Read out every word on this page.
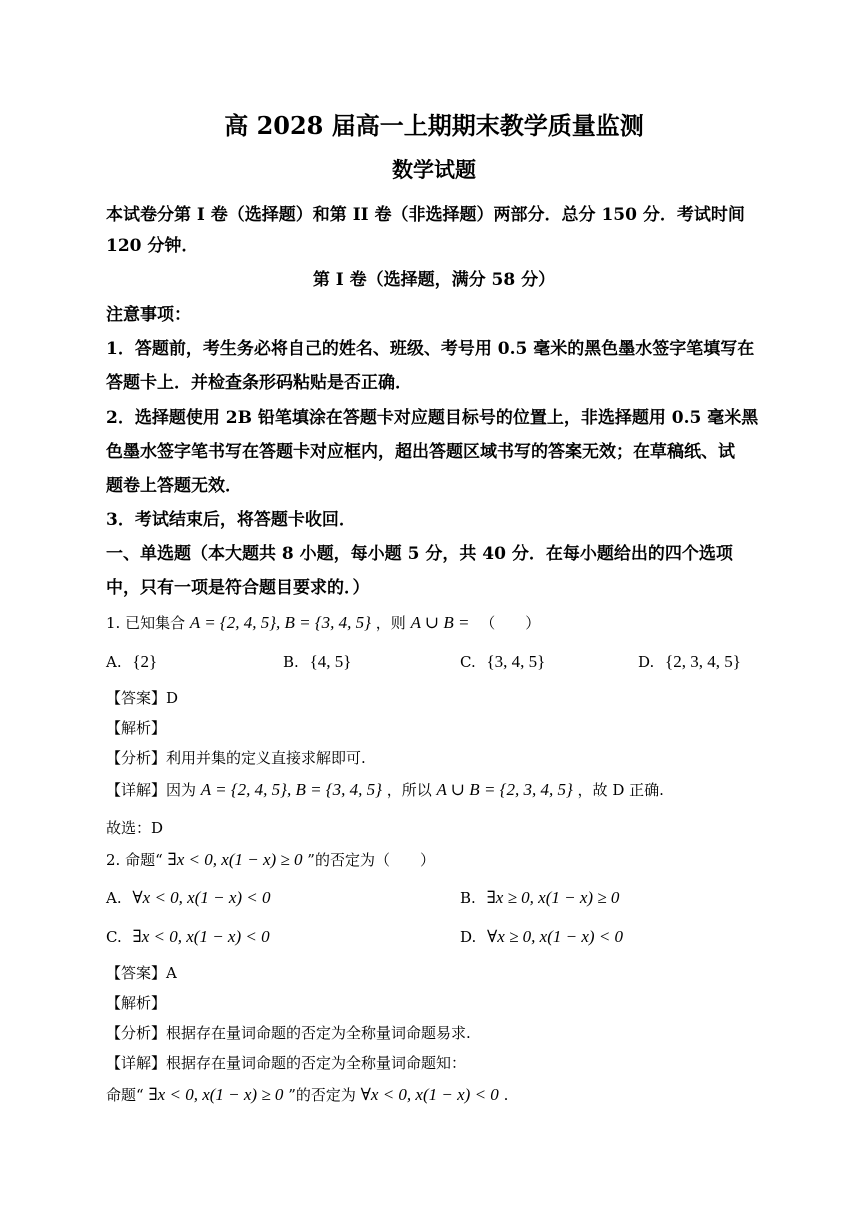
高 2028 届高一上期期末教学质量监测
数学试题
本试卷分第 I 卷（选择题）和第 II 卷（非选择题）两部分．总分 150 分．考试时间
120 分钟．
第 I 卷（选择题，满分 58 分）
注意事项：
1．答题前，考生务必将自己的姓名、班级、考号用 0.5 毫米的黑色墨水签字笔填写在
答题卡上．并检查条形码粘贴是否正确．
2．选择题使用 2B 铅笔填涂在答题卡对应题目标号的位置上，非选择题用 0.5 毫米黑
色墨水签字笔书写在答题卡对应框内，超出答题区域书写的答案无效；在草稿纸、试
题卷上答题无效．
3．考试结束后，将答题卡收回．
一、单选题（本大题共 8 小题，每小题 5 分，共 40 分．在每小题给出的四个选项
中，只有一项是符合题目要求的．）
1. 已知集合 A = {2, 4, 5}, B = {3, 4, 5} ，则 A ∪ B = （　　）
A. {2}	B. {4, 5}	C. {3, 4, 5}	D. {2, 3, 4, 5}
【答案】D
【解析】
【分析】利用并集的定义直接求解即可.
【详解】因为 A = {2, 4, 5}, B = {3, 4, 5} ，所以 A ∪ B = {2, 3, 4, 5} ，故 D 正确.
故选：D
2. 命题“ ∃x < 0, x(1 − x) ≥ 0 ”的否定为（　　）
A. ∀x < 0, x(1 − x) < 0	B. ∃x ≥ 0, x(1 − x) ≥ 0
C. ∃x < 0, x(1 − x) < 0	D. ∀x ≥ 0, x(1 − x) < 0
【答案】A
【解析】
【分析】根据存在量词命题的否定为全称量词命题易求.
【详解】根据存在量词命题的否定为全称量词命题知：
命题“ ∃x < 0, x(1 − x) ≥ 0 ”的否定为 ∀x < 0, x(1 − x) < 0 .
